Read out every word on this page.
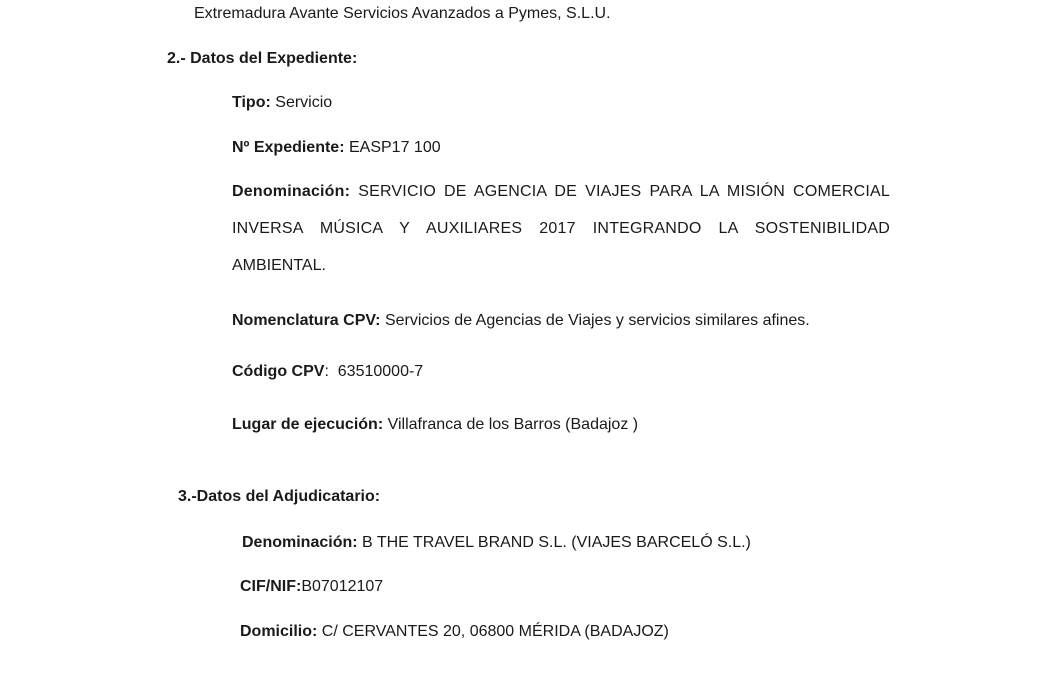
Extremadura Avante Servicios Avanzados a Pymes, S.L.U.
2.- Datos del Expediente:
Tipo: Servicio
Nº Expediente: EASP17 100
Denominación: SERVICIO DE AGENCIA DE VIAJES PARA LA MISIÓN COMERCIAL
INVERSA MÚSICA Y AUXILIARES 2017 INTEGRANDO LA SOSTENIBILIDAD
AMBIENTAL.
Nomenclatura CPV: Servicios de Agencias de Viajes y servicios similares afines.
Código CPV:  63510000-7
Lugar de ejecución: Villafranca de los Barros (Badajoz )
3.-Datos del Adjudicatario:
Denominación: B THE TRAVEL BRAND S.L. (VIAJES BARCELÓ S.L.)
CIF/NIF:B07012107
Domicilio: C/ CERVANTES 20, 06800 MÉRIDA (BADAJOZ)
